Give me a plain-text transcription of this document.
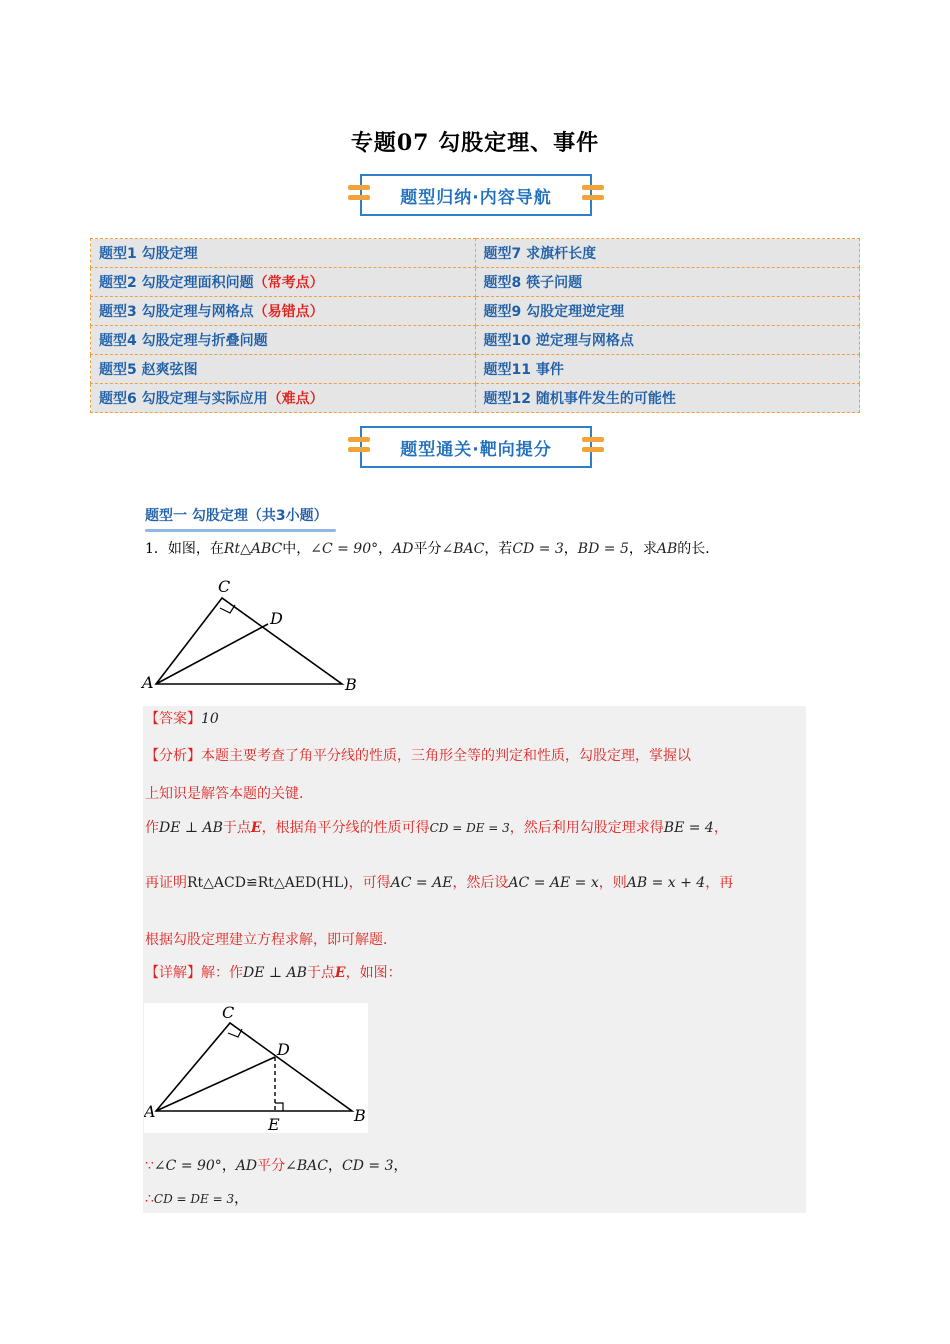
专题07 勾股定理、事件
题型归纳·内容导航
题型1 勾股定理	题型7 求旗杆长度
题型2 勾股定理面积问题（常考点）	题型8 筷子问题
题型3 勾股定理与网格点（易错点）	题型9 勾股定理逆定理
题型4 勾股定理与折叠问题	题型10 逆定理与网格点
题型5 赵爽弦图	题型11 事件
题型6 勾股定理与实际应用（难点）	题型12 随机事件发生的可能性
题型通关·靶向提分
题型一 勾股定理（共3小题）
1．如图，在Rt△ABC中，∠C = 90°，AD平分∠BAC，若CD = 3，BD = 5，求AB的长．
C
D
A	B
【答案】10
【分析】本题主要考查了角平分线的性质，三角形全等的判定和性质，勾股定理，掌握以
上知识是解答本题的关键．
作DE ⊥ AB于点E，根据角平分线的性质可得CD = DE = 3，然后利用勾股定理求得BE = 4，
再证明Rt△ACD≌Rt△AED(HL)，可得AC = AE，然后设AC = AE = x，则AB = x + 4，再
根据勾股定理建立方程求解，即可解题．
【详解】解：作DE ⊥ AB于点E，如图：
C
D
A	B
E
∵∠C = 90°，AD平分∠BAC，CD = 3，
∴CD = DE = 3，
